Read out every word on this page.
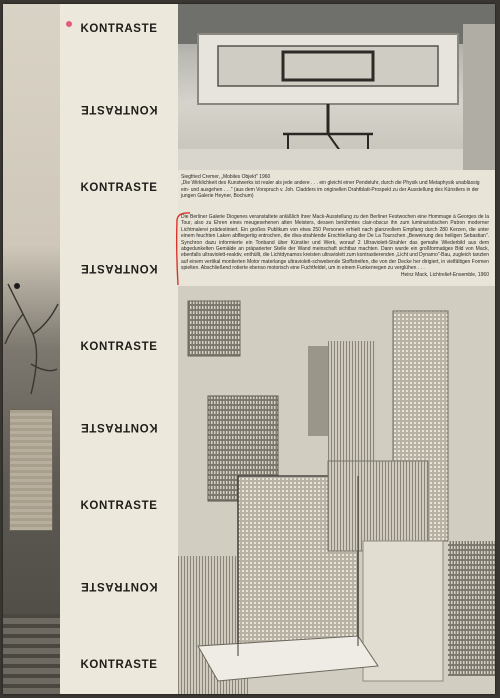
KONTRASTE
KONTRASTE
KONTRASTE
KONTRASTE
KONTRASTE
KONTRASTE
KONTRASTE
KONTRASTE
KONTRASTE
Siegfried Cremer, „Mobiles Objekt" 1960
„Die Wirklichkeit des Kunstwerks ist realer als jede andere . . . ein gleicht einer Pendeluhr, durch die Physik und Metaphysik unablässig ein- und ausgehen . . ." (aus dem Vorspruch v. Joh. Cladders im originellen Drahtblatt-Prospekt zu der Ausstellung des Künstlers in der jungen Galerie Heyner, Bochum)
Die Berliner Galerie Diogenes veranstaltete anläßlich ihrer Mack-Ausstellung zu den Berliner Festwochen eine Hommage à Georges de la Tour, also zu Ehren eines meugesehenen alten Meisters, dessen berühmtes clair-obscur ihn zum luminaristischen Patron moderner Lichtmalerei prädestiniert. Ein großes Publikum von etwa 250 Personen erhielt nach glanzvollem Empfang durch 280 Kerzen, die unter einem feuchten Laken abfliegertig entrochen, die diva-strahlende Erschließung der De La Tourschen „Beweinung des heiligen Sebastian". Synchron dazu informierte ein Tonband über Künstler und Werk, worauf 2 Ultraviolett-Strahler das gemalte Wiederbild aus dem abgedunkelten Gemälde an präparierter Stelle der Wand meinschaft sichtbar machten. Dann wurde ein großformatiges Bild von Mack, ebenfalls ultraviolett-reaktiv, enthüllt, die Lichtdynamos kreisten ultraviolett zum kontrastierenden „Licht und Dynamo"-Bau, zugleich tanzten auf einem vertikal montierten Motor materlange ultraviolett-schwebende Stoffstreifen, die von der Decke her dirigiert, in vielfältigen Formen spielten. Abschließend rotierte ebenso motorisch eine Fuchtfeldel, um in einem Funkenregen zu verglühen . . .
Heinz Mack, Lichtrelief-Ensemble, 1960
